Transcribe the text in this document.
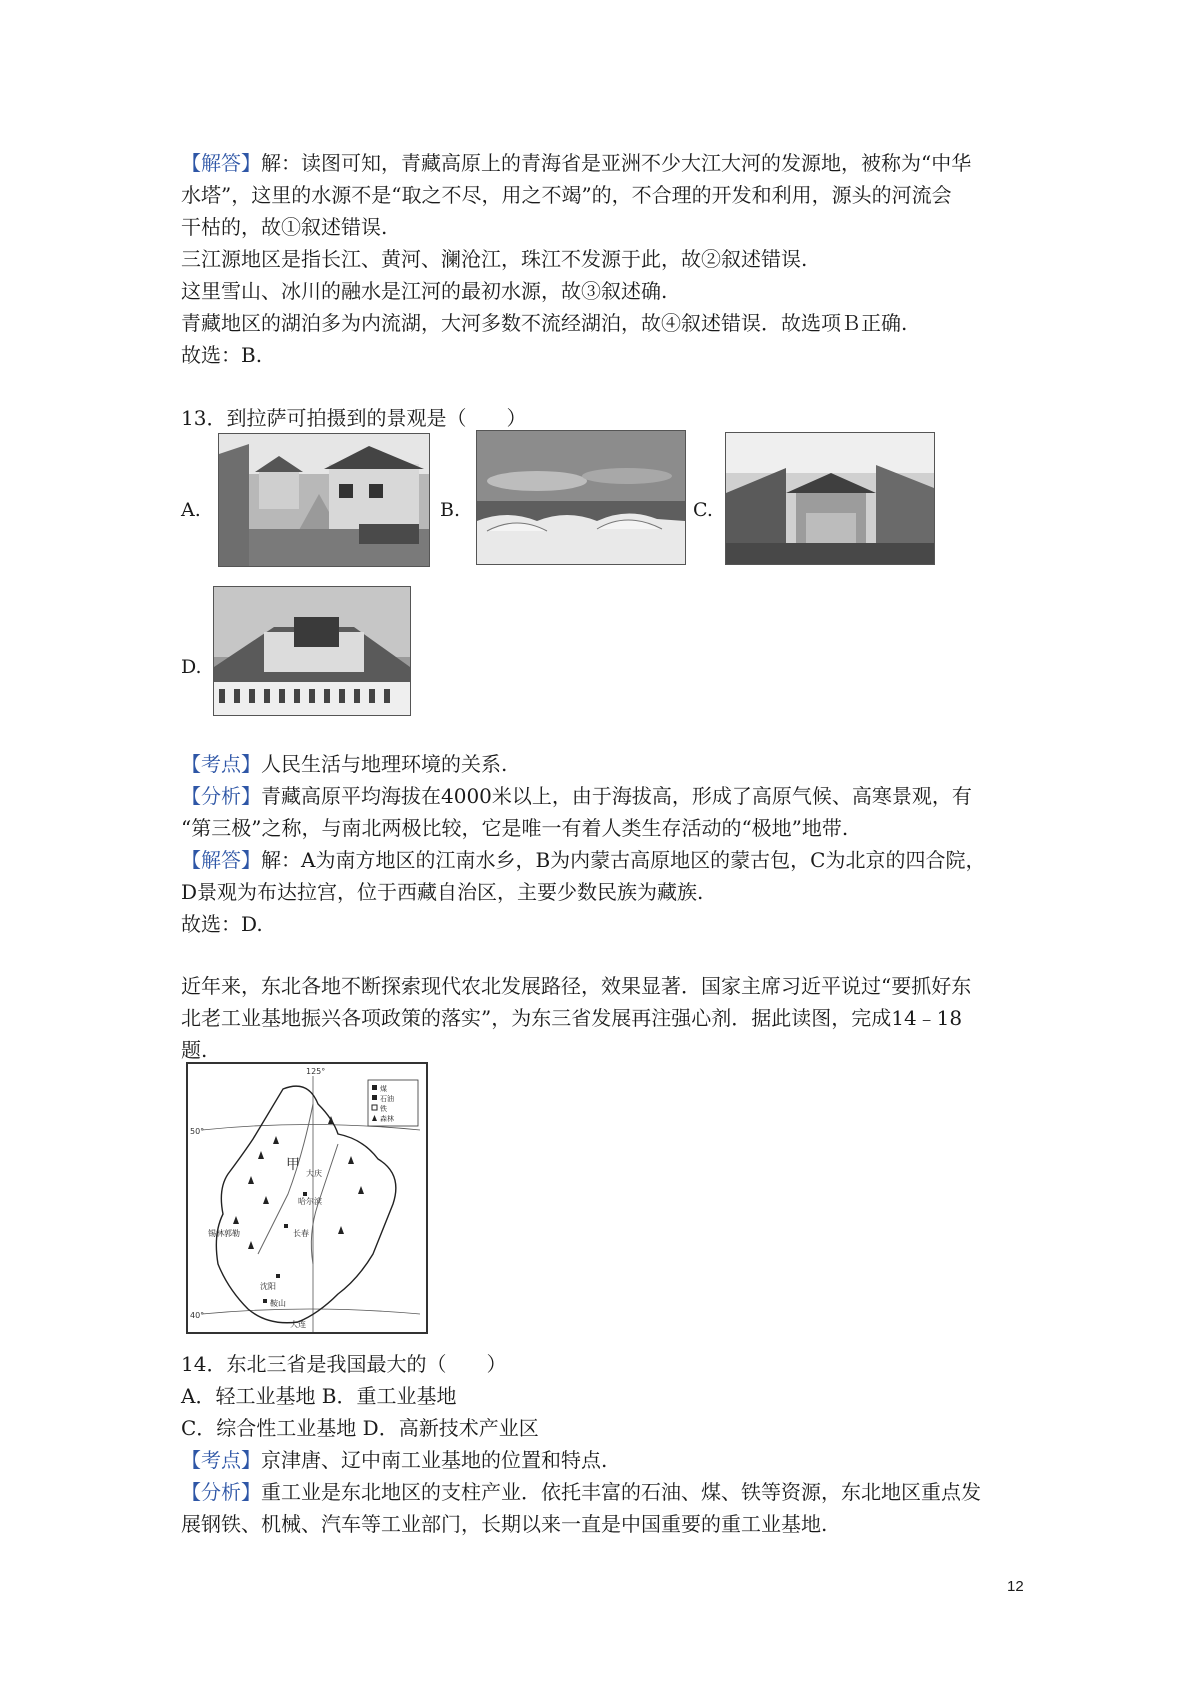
【解答】解：读图可知，青藏高原上的青海省是亚洲不少大江大河的发源地，被称为“中华

水塔”，这里的水源不是“取之不尽，用之不竭”的，不合理的开发和利用，源头的河流会

干枯的，故①叙述错误.

三江源地区是指长江、黄河、澜沧江，珠江不发源于此，故②叙述错误.

这里雪山、冰川的融水是江河的最初水源，故③叙述确.

青藏地区的湖泊多为内流湖，大河多数不流经湖泊，故④叙述错误．故选项Ｂ正确.

故选：B.

13．到拉萨可拍摄到的景观是（　　）

A.	B.	C.
D.

【考点】人民生活与地理环境的关系.

【分析】青藏高原平均海拔在4000米以上，由于海拔高，形成了高原气候、高寒景观，有

“第三极”之称，与南北两极比较，它是唯一有着人类生存活动的“极地”地带.

【解答】解：A为南方地区的江南水乡，B为内蒙古高原地区的蒙古包，C为北京的四合院，

D景观为布达拉宫，位于西藏自治区，主要少数民族为藏族.

故选：D.

近年来，东北各地不断探索现代农北发展路径，效果显著．国家主席习近平说过“要抓好东

北老工业基地振兴各项政策的落实”，为东三省发展再注强心剂．据此读图，完成14﹣18

题.

125°
50°
40°
甲
哈尔滨
长春
沈阳
鞍山
大庆
锡林郭勒
大连
煤
石油
铁
森林

14．东北三省是我国最大的（　　）

A．轻工业基地 B．重工业基地

C．综合性工业基地 D．高新技术产业区

【考点】京津唐、辽中南工业基地的位置和特点.

【分析】重工业是东北地区的支柱产业．依托丰富的石油、煤、铁等资源，东北地区重点发

展钢铁、机械、汽车等工业部门，长期以来一直是中国重要的重工业基地.

12
